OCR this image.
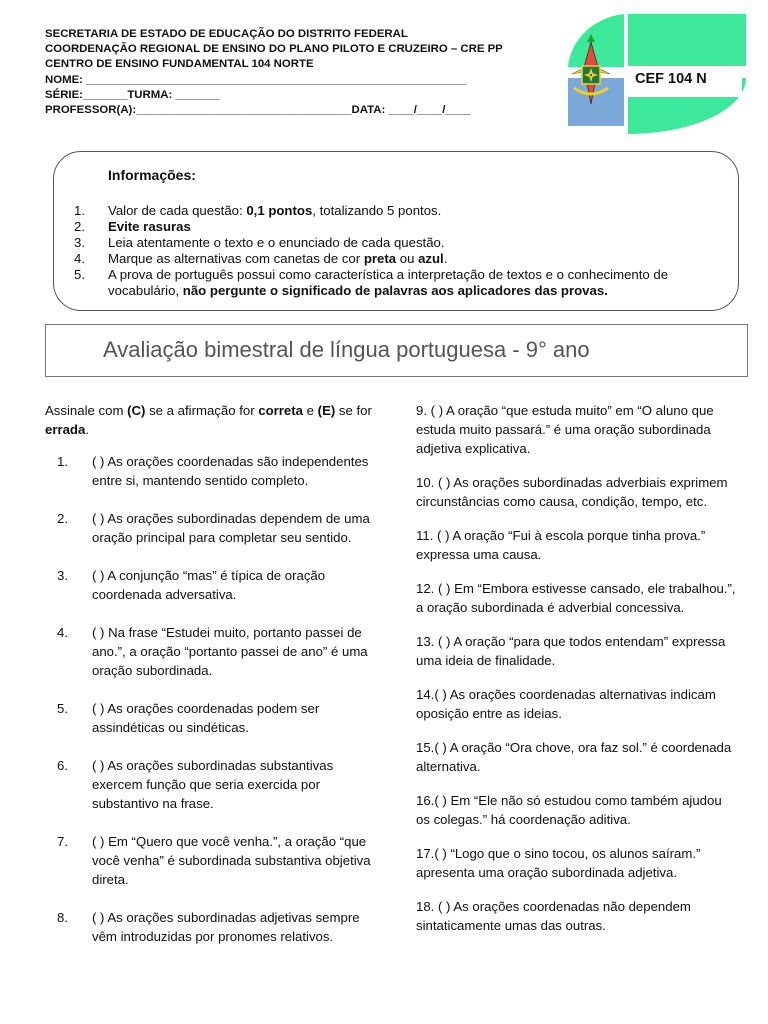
SECRETARIA DE ESTADO DE EDUCAÇÃO DO DISTRITO FEDERAL
COORDENAÇÃO REGIONAL DE ENSINO DO PLANO PILOTO E CRUZEIRO – CRE PP
CENTRO DE ENSINO FUNDAMENTAL 104 NORTE
NOME: ____________________________________________________________
SÉRIE:_______TURMA: _______
PROFESSOR(A):__________________________________DATA: ____/____/____
CEF 104 N
Informações:
1.	Valor de cada questão: 0,1 pontos, totalizando 5 pontos.
2.	Evite rasuras
3.	Leia atentamente o texto e o enunciado de cada questão.
4.	Marque as alternativas com canetas de cor preta ou azul.
5.	A prova de português possui como característica a interpretação de textos e o conhecimento de vocabulário, não pergunte o significado de palavras aos aplicadores das provas.
Avaliação bimestral de língua portuguesa - 9° ano

Assinale com (C) se a afirmação for correta e (E) se for errada.

1.	( ) As orações coordenadas são independentes entre si, mantendo sentido completo.
2.	( ) As orações subordinadas dependem de uma oração principal para completar seu sentido.
3.	( ) A conjunção “mas” é típica de oração coordenada adversativa.
4.	( ) Na frase “Estudei muito, portanto passei de ano.”, a oração “portanto passei de ano” é uma oração subordinada.
5.	( ) As orações coordenadas podem ser assindéticas ou sindéticas.
6.	( ) As orações subordinadas substantivas exercem função que seria exercida por substantivo na frase.
7.	( ) Em “Quero que você venha.”, a oração “que você venha” é subordinada substantiva objetiva direta.
8.	( ) As orações subordinadas adjetivas sempre vêm introduzidas por pronomes relativos.
9. ( ) A oração “que estuda muito” em “O aluno que estuda muito passará.” é uma oração subordinada adjetiva explicativa.
10. ( ) As orações subordinadas adverbiais exprimem circunstâncias como causa, condição, tempo, etc.
11. ( ) A oração “Fui à escola porque tinha prova.” expressa uma causa.
12. ( ) Em “Embora estivesse cansado, ele trabalhou.”, a oração subordinada é adverbial concessiva.
13. ( ) A oração “para que todos entendam” expressa uma ideia de finalidade.
14.( ) As orações coordenadas alternativas indicam oposição entre as ideias.
15.( ) A oração “Ora chove, ora faz sol.” é coordenada alternativa.
16.( ) Em “Ele não só estudou como também ajudou os colegas.” há coordenação aditiva.
17.( ) “Logo que o sino tocou, os alunos saíram.” apresenta uma oração subordinada adjetiva.
18. ( ) As orações coordenadas não dependem sintaticamente umas das outras.
